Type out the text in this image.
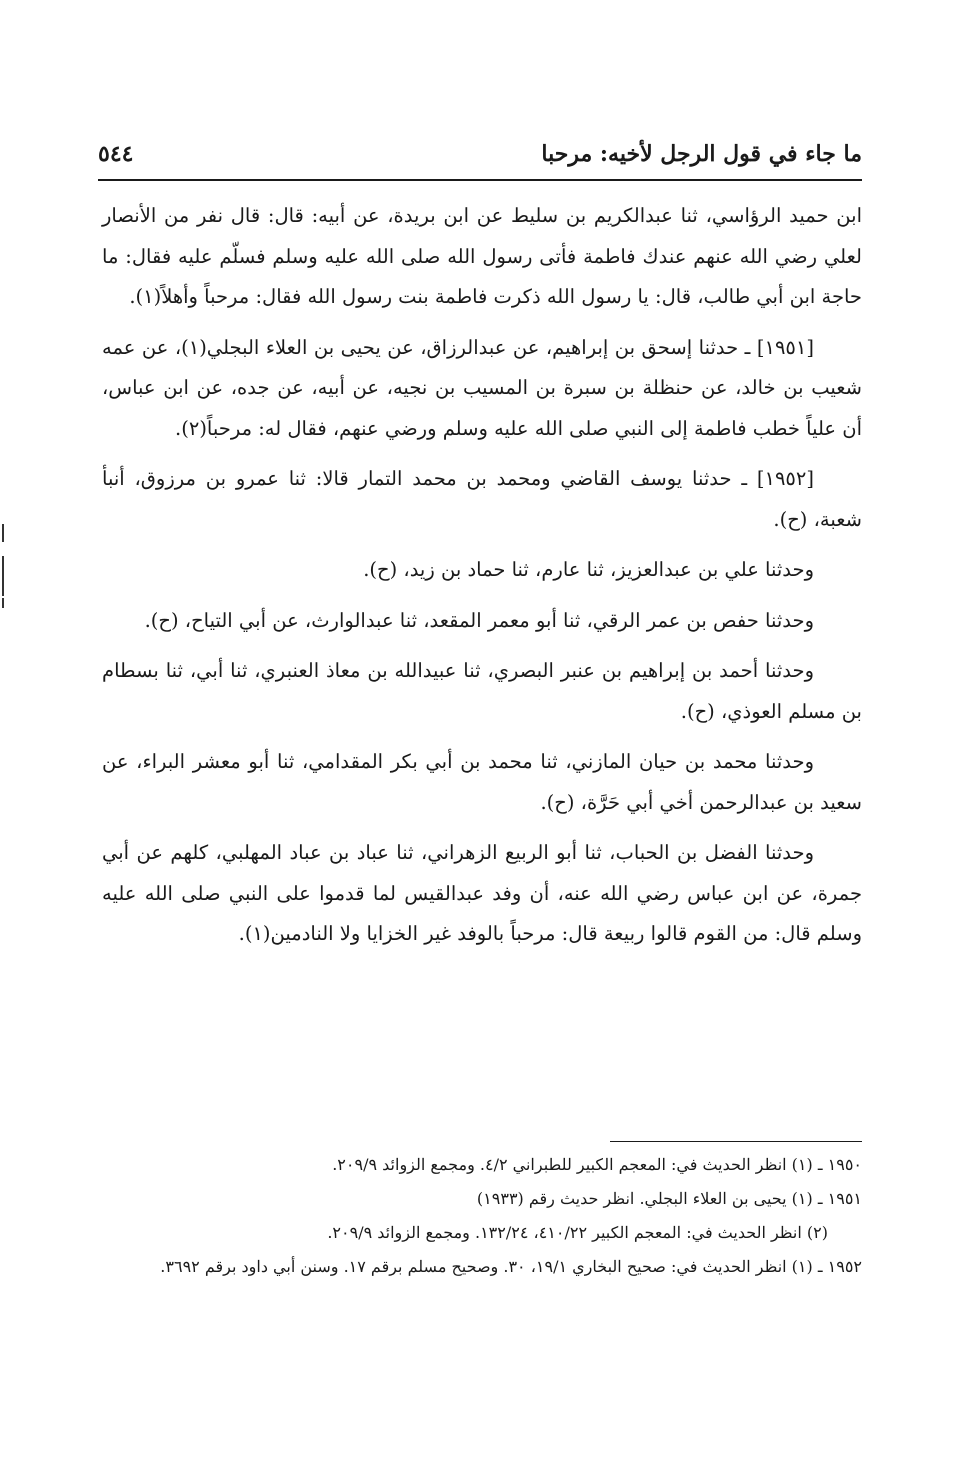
ما جاء في قول الرجل لأخيه: مرحبا
٥٤٤

ابن حميد الرؤاسي، ثنا عبدالكريم بن سليط عن ابن بريدة، عن أبيه: قال: قال نفر من الأنصار لعلي رضي الله عنهم عندك فاطمة فأتى رسول الله صلى الله عليه وسلم فسلّم عليه فقال: ما حاجة ابن أبي طالب، قال: يا رسول الله ذكرت فاطمة بنت رسول الله فقال: مرحباً وأهلاً(١).

[١٩٥١] ـ حدثنا إسحق بن إبراهيم، عن عبدالرزاق، عن يحيى بن العلاء البجلي(١)، عن عمه شعيب بن خالد، عن حنظلة بن سبرة بن المسيب بن نجيه، عن أبيه، عن جده، عن ابن عباس، أن علياً خطب فاطمة إلى النبي صلى الله عليه وسلم ورضي عنهم، فقال له: مرحباً(٢).

[١٩٥٢] ـ حدثنا يوسف القاضي ومحمد بن محمد التمار قالا: ثنا عمرو بن مرزوق، أنبأ شعبة، (ح).

وحدثنا علي بن عبدالعزيز، ثنا عارم، ثنا حماد بن زيد، (ح).

وحدثنا حفص بن عمر الرقي، ثنا أبو معمر المقعد، ثنا عبدالوارث، عن أبي التياح، (ح).

وحدثنا أحمد بن إبراهيم بن عنبر البصري، ثنا عبيدالله بن معاذ العنبري، ثنا أبي، ثنا بسطام بن مسلم العوذي، (ح).

وحدثنا محمد بن حيان المازني، ثنا محمد بن أبي بكر المقدامي، ثنا أبو معشر البراء، عن سعيد بن عبدالرحمن أخي أبي حَرَّة، (ح).

وحدثنا الفضل بن الحباب، ثنا أبو الربيع الزهراني، ثنا عباد بن عباد المهلبي، كلهم عن أبي جمرة، عن ابن عباس رضي الله عنه، أن وفد عبدالقيس لما قدموا على النبي صلى الله عليه وسلم قال: من القوم قالوا ربيعة قال: مرحباً بالوفد غير الخزايا ولا النادمين(١).

١٩٥٠ ـ (١) انظر الحديث في: المعجم الكبير للطبراني ٤/٢. ومجمع الزوائد ٢٠٩/٩.

١٩٥١ ـ (١) يحيى بن العلاء البجلي. انظر حديث رقم (١٩٣٣)

(٢) انظر الحديث في: المعجم الكبير ٤١٠/٢٢، ١٣٢/٢٤. ومجمع الزوائد ٢٠٩/٩.

١٩٥٢ ـ (١) انظر الحديث في: صحيح البخاري ١٩/١، ٣٠. وصحيح مسلم برقم ١٧. وسنن أبي داود برقم ٣٦٩٢.
